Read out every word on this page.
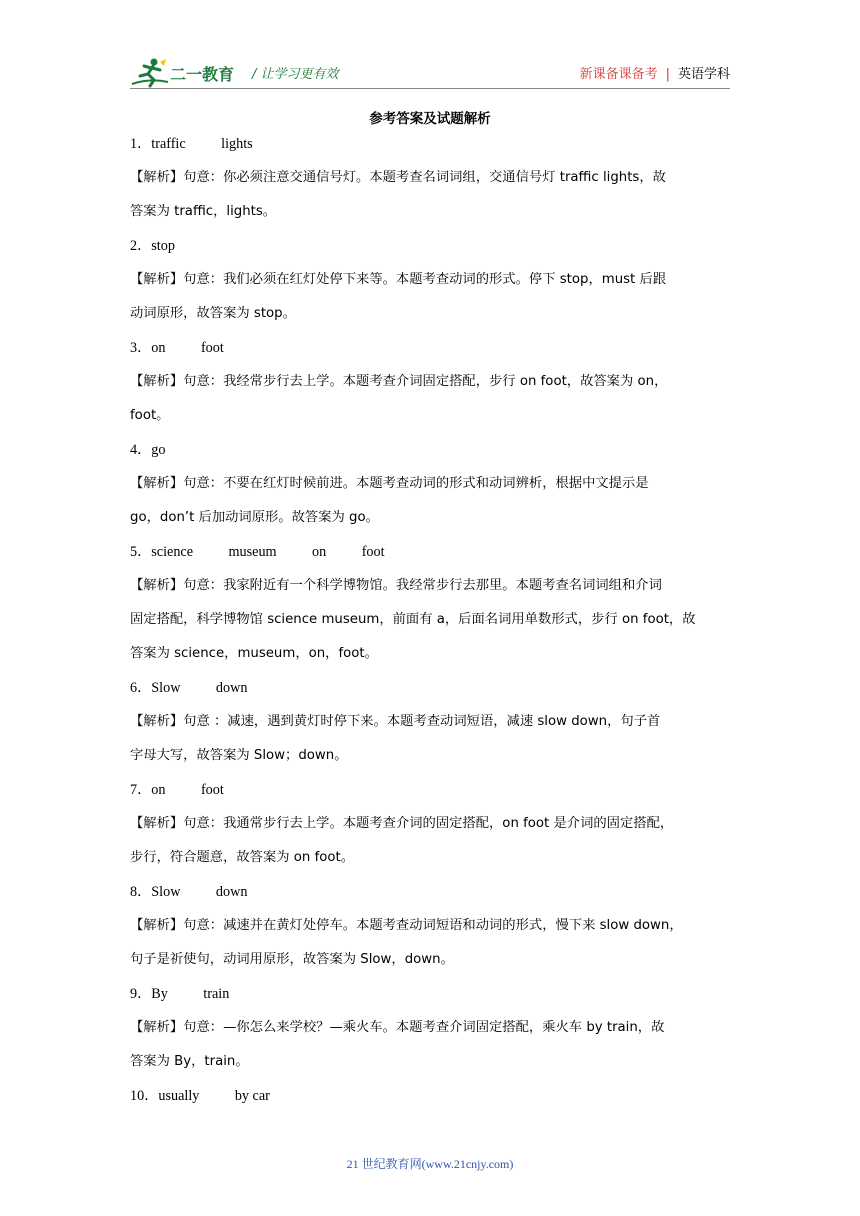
二一教育 / 让学习更有效	新课备课备考 | 英语学科
参考答案及试题解析
1．traffic          lights
【解析】句意：你必须注意交通信号灯。本题考查名词词组，交通信号灯 traffic lights，故
答案为 traffic，lights。
2．stop
【解析】句意：我们必须在红灯处停下来等。本题考查动词的形式。停下 stop，must 后跟
动词原形，故答案为 stop。
3．on          foot
【解析】句意：我经常步行去上学。本题考查介词固定搭配，步行 on foot，故答案为 on，
foot。
4．go
【解析】句意：不要在红灯时候前进。本题考查动词的形式和动词辨析，根据中文提示是
go，don’t 后加动词原形。故答案为 go。
5．science          museum          on          foot
【解析】句意：我家附近有一个科学博物馆。我经常步行去那里。本题考查名词词组和介词
固定搭配，科学博物馆 science museum，前面有 a，后面名词用单数形式，步行 on foot，故
答案为 science，museum，on，foot。
6．Slow          down
【解析】句意 ：减速，遇到黄灯时停下来。本题考查动词短语，减速 slow down，句子首
字母大写，故答案为 Slow；down。
7．on          foot
【解析】句意：我通常步行去上学。本题考查介词的固定搭配，on foot 是介词的固定搭配，
步行，符合题意，故答案为 on foot。
8．Slow          down
【解析】句意：减速并在黄灯处停车。本题考查动词短语和动词的形式，慢下来 slow down，
句子是祈使句，动词用原形，故答案为 Slow，down。
9．By          train
【解析】句意：—你怎么来学校？—乘火车。本题考查介词固定搭配，乘火车 by train，故
答案为 By，train。
10．usually          by car
21 世纪教育网(www.21cnjy.com)
